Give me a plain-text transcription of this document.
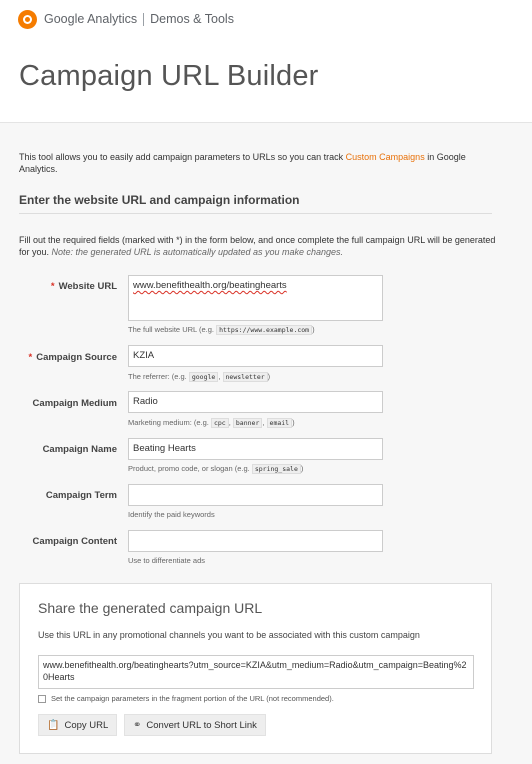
Google Analytics Demos & Tools
Campaign URL Builder

This tool allows you to easily add campaign parameters to URLs so you can track Custom Campaigns in Google Analytics.

Enter the website URL and campaign information

Fill out the required fields (marked with *) in the form below, and once complete the full campaign URL will be generated for you. Note: the generated URL is automatically updated as you make changes.

* Website URL	www.benefithealth.org/beatinghearts
The full website URL (e.g. https://www.example.com )
* Campaign Source	KZIA
The referrer: (e.g. google , newsletter )
Campaign Medium	Radio
Marketing medium: (e.g. cpc , banner , email )
Campaign Name	Beating Hearts
Product, promo code, or slogan (e.g. spring_sale )
Campaign Term
Identify the paid keywords
Campaign Content
Use to differentiate ads
Share the generated campaign URL
Use this URL in any promotional channels you want to be associated with this custom campaign
www.benefithealth.org/beatinghearts?utm_source=KZIA&utm_medium=Radio&utm_campaign=Beating%20Hearts
Set the campaign parameters in the fragment portion of the URL (not recommended).
📋 Copy URL ⚭ Convert URL to Short Link
